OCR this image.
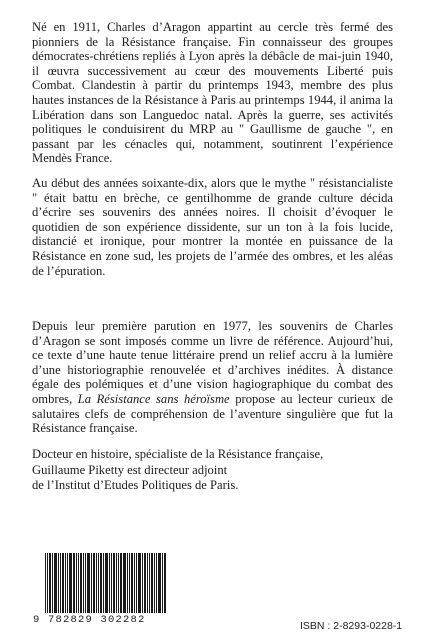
Né en 1911, Charles d’Aragon appartint au cercle très fermé des pionniers de la Résistance française. Fin connaisseur des groupes démocrates-chrétiens repliés à Lyon après la débâcle de mai-juin 1940, il œuvra successivement au cœur des mouvements Liberté puis Combat. Clandestin à partir du printemps 1943, membre des plus hautes instances de la Résistance à Paris au printemps 1944, il anima la Libération dans son Languedoc natal. Après la guerre, ses activités politiques le conduisirent du MRP au " Gaullisme de gauche ", en passant par les cénacles qui, notamment, soutinrent l’expérience Mendès France.

Au début des années soixante-dix, alors que le mythe " résistancialiste " était battu en brèche, ce gentilhomme de grande culture décida d’écrire ses souvenirs des années noires. Il choisit d’évoquer le quotidien de son expérience dissidente, sur un ton à la fois lucide, distancié et ironique, pour montrer la montée en puissance de la Résistance en zone sud, les projets de l’armée des ombres, et les aléas de l’épuration.

Depuis leur première parution en 1977, les souvenirs de Charles d’Aragon se sont imposés comme un livre de référence. Aujourd’hui, ce texte d’une haute tenue littéraire prend un relief accru à la lumière d’une historiographie renouvelée et d’archives inédites. À distance égale des polémiques et d’une vision hagiographique du combat des ombres, La Résistance sans héroïsme propose au lecteur curieux de salutaires clefs de compréhension de l’aventure singulière que fut la Résistance française.

Docteur en histoire, spécialiste de la Résistance française,
Guillaume Piketty est directeur adjoint
de l’Institut d’Etudes Politiques de Paris.

9 782829 302282	ISBN : 2-8293-0228-1
